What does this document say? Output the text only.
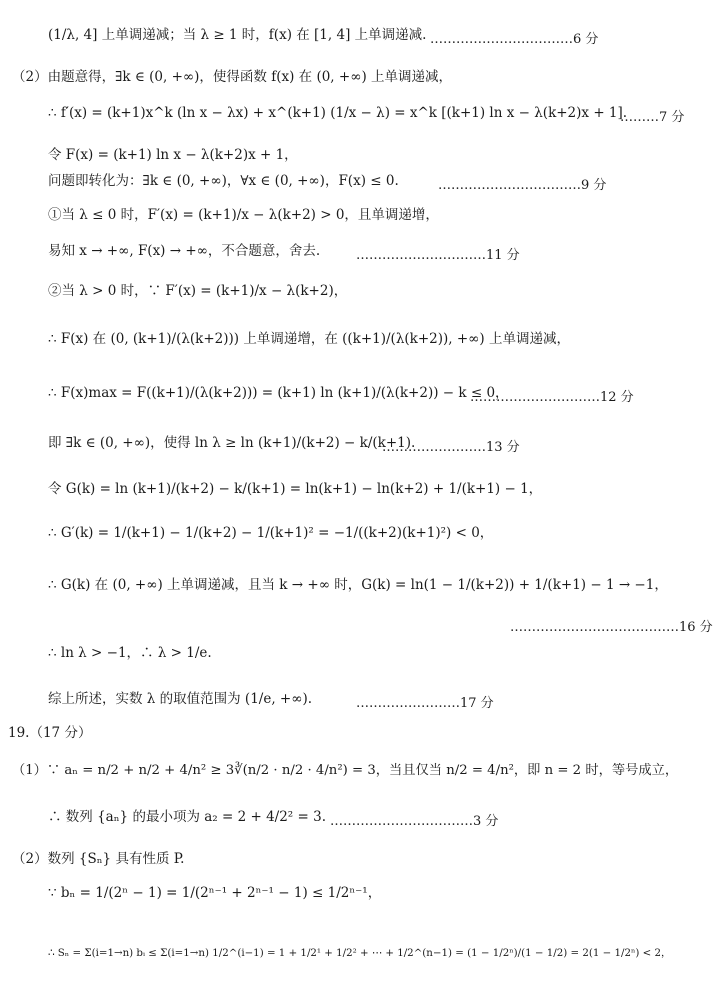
(1/λ, 4] 上单调递减；当 λ ≥ 1 时，f(x) 在 [1, 4] 上单调递减. ……………………………6 分
（2）由题意得，∃k ∈ (0, +∞)，使得函数 f(x) 在 (0, +∞) 上单调递减，
∴ f′(x) = (k+1)x^k (ln x − λx) + x^(k+1) (1/x − λ) = x^k [(k+1) ln x − λ(k+2)x + 1].
………7 分
令 F(x) = (k+1) ln x − λ(k+2)x + 1，
问题即转化为：∃k ∈ (0, +∞)，∀x ∈ (0, +∞)，F(x) ≤ 0.	……………………………9 分
①当 λ ≤ 0 时，F′(x) = (k+1)/x − λ(k+2) > 0，且单调递增，
易知 x → +∞, F(x) → +∞，不合题意，舍去.	…………………………11 分
②当 λ > 0 时，∵ F′(x) = (k+1)/x − λ(k+2)，
∴ F(x) 在 (0, (k+1)/(λ(k+2))) 上单调递增，在 ((k+1)/(λ(k+2)), +∞) 上单调递减，
∴ F(x)max = F((k+1)/(λ(k+2))) = (k+1) ln (k+1)/(λ(k+2)) − k ≤ 0，
…………………………12 分
即 ∃k ∈ (0, +∞)，使得 ln λ ≥ ln (k+1)/(k+2) − k/(k+1).
……………………13 分
令 G(k) = ln (k+1)/(k+2) − k/(k+1) = ln(k+1) − ln(k+2) + 1/(k+1) − 1，
∴ G′(k) = 1/(k+1) − 1/(k+2) − 1/(k+1)² = −1/((k+2)(k+1)²) < 0，
∴ G(k) 在 (0, +∞) 上单调递减，且当 k → +∞ 时，G(k) = ln(1 − 1/(k+2)) + 1/(k+1) − 1 → −1，
…………………………………16 分
∴ ln λ > −1，∴ λ > 1/e.
综上所述，实数 λ 的取值范围为 (1/e, +∞).	……………………17 分
19.（17 分）
（1）∵ aₙ = n/2 + n/2 + 4/n² ≥ 3∛(n/2 · n/2 · 4/n²) = 3，当且仅当 n/2 = 4/n²，即 n = 2 时，等号成立，
∴ 数列 {aₙ} 的最小项为 a₂ = 2 + 4/2² = 3. ……………………………3 分
（2）数列 {Sₙ} 具有性质 P.
∵ bₙ = 1/(2ⁿ − 1) = 1/(2ⁿ⁻¹ + 2ⁿ⁻¹ − 1) ≤ 1/2ⁿ⁻¹，
∴ Sₙ = Σ(i=1→n) bᵢ ≤ Σ(i=1→n) 1/2^(i−1) = 1 + 1/2¹ + 1/2² + ⋯ + 1/2^(n−1) = (1 − 1/2ⁿ)/(1 − 1/2) = 2(1 − 1/2ⁿ) < 2，
